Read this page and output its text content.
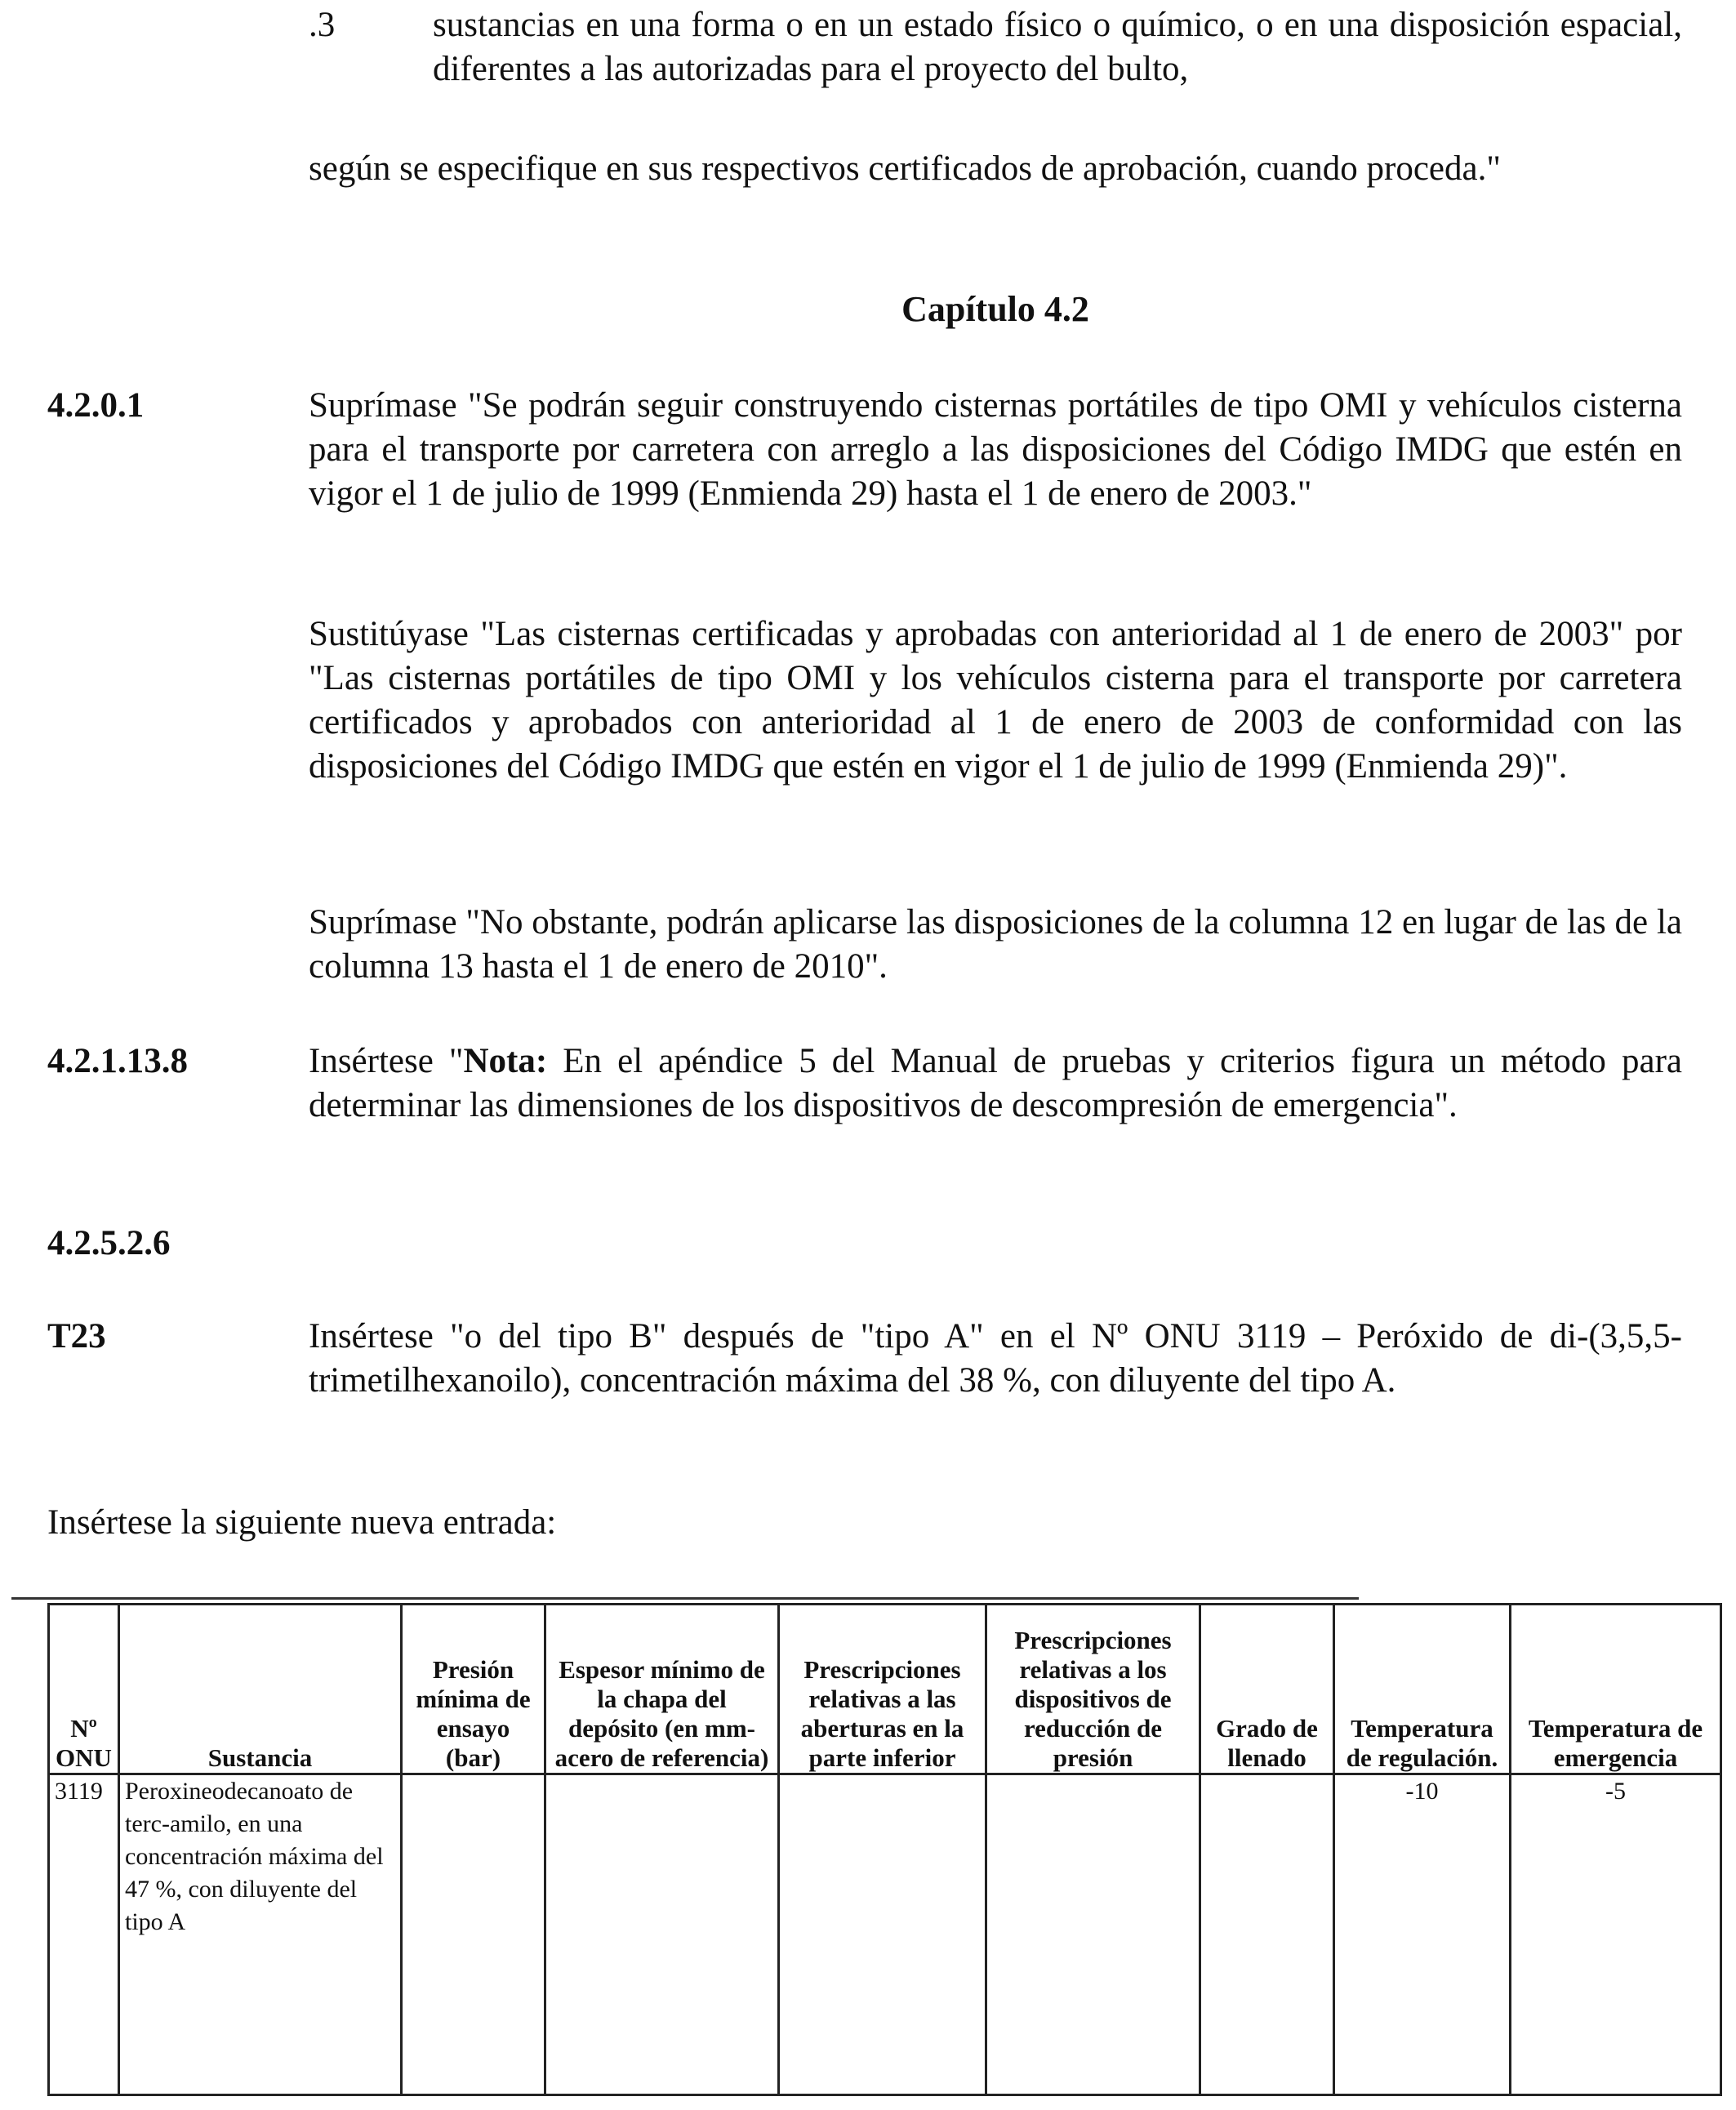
.3	sustancias en una forma o en un estado físico o químico, o en una disposición espacial, diferentes a las autorizadas para el proyecto del bulto,
según se especifique en sus respectivos certificados de aprobación, cuando proceda."
Capítulo 4.2
4.2.0.1	Suprímase "Se podrán seguir construyendo cisternas portátiles de tipo OMI y vehículos cisterna para el transporte por carretera con arreglo a las disposiciones del Código IMDG que estén en vigor el 1 de julio de 1999 (Enmienda 29) hasta el 1 de enero de 2003."
Sustitúyase "Las cisternas certificadas y aprobadas con anterioridad al 1 de enero de 2003" por "Las cisternas portátiles de tipo OMI y los vehículos cisterna para el transporte por carretera certificados y aprobados con anterioridad al 1 de enero de 2003 de conformidad con las disposiciones del Código IMDG que estén en vigor el 1 de julio de 1999 (Enmienda 29)".
Suprímase "No obstante, podrán aplicarse las disposiciones de la columna 12 en lugar de las de la columna 13 hasta el 1 de enero de 2010".
4.2.1.13.8	Insértese "Nota: En el apéndice 5 del Manual de pruebas y criterios figura un método para determinar las dimensiones de los dispositivos de descompresión de emergencia".
4.2.5.2.6
T23	Insértese "o del tipo B" después de "tipo A" en el Nº ONU 3119 – Peróxido de di-(3,5,5-trimetilhexanoilo), concentración máxima del 38 %, con diluyente del tipo A.
Insértese la siguiente nueva entrada:
Nº ONU	Sustancia	Presión mínima de ensayo (bar)	Espesor mínimo de la chapa del depósito (en mm-acero de referencia)	Prescripciones relativas a las aberturas en la parte inferior	Prescripciones relativas a los dispositivos de reducción de presión	Grado de llenado	Temperatura de regulación.	Temperatura de emergencia
3119	Peroxineodecanoato de terc-amilo, en una concentración máxima del 47 %, con diluyente del tipo A						-10	-5
